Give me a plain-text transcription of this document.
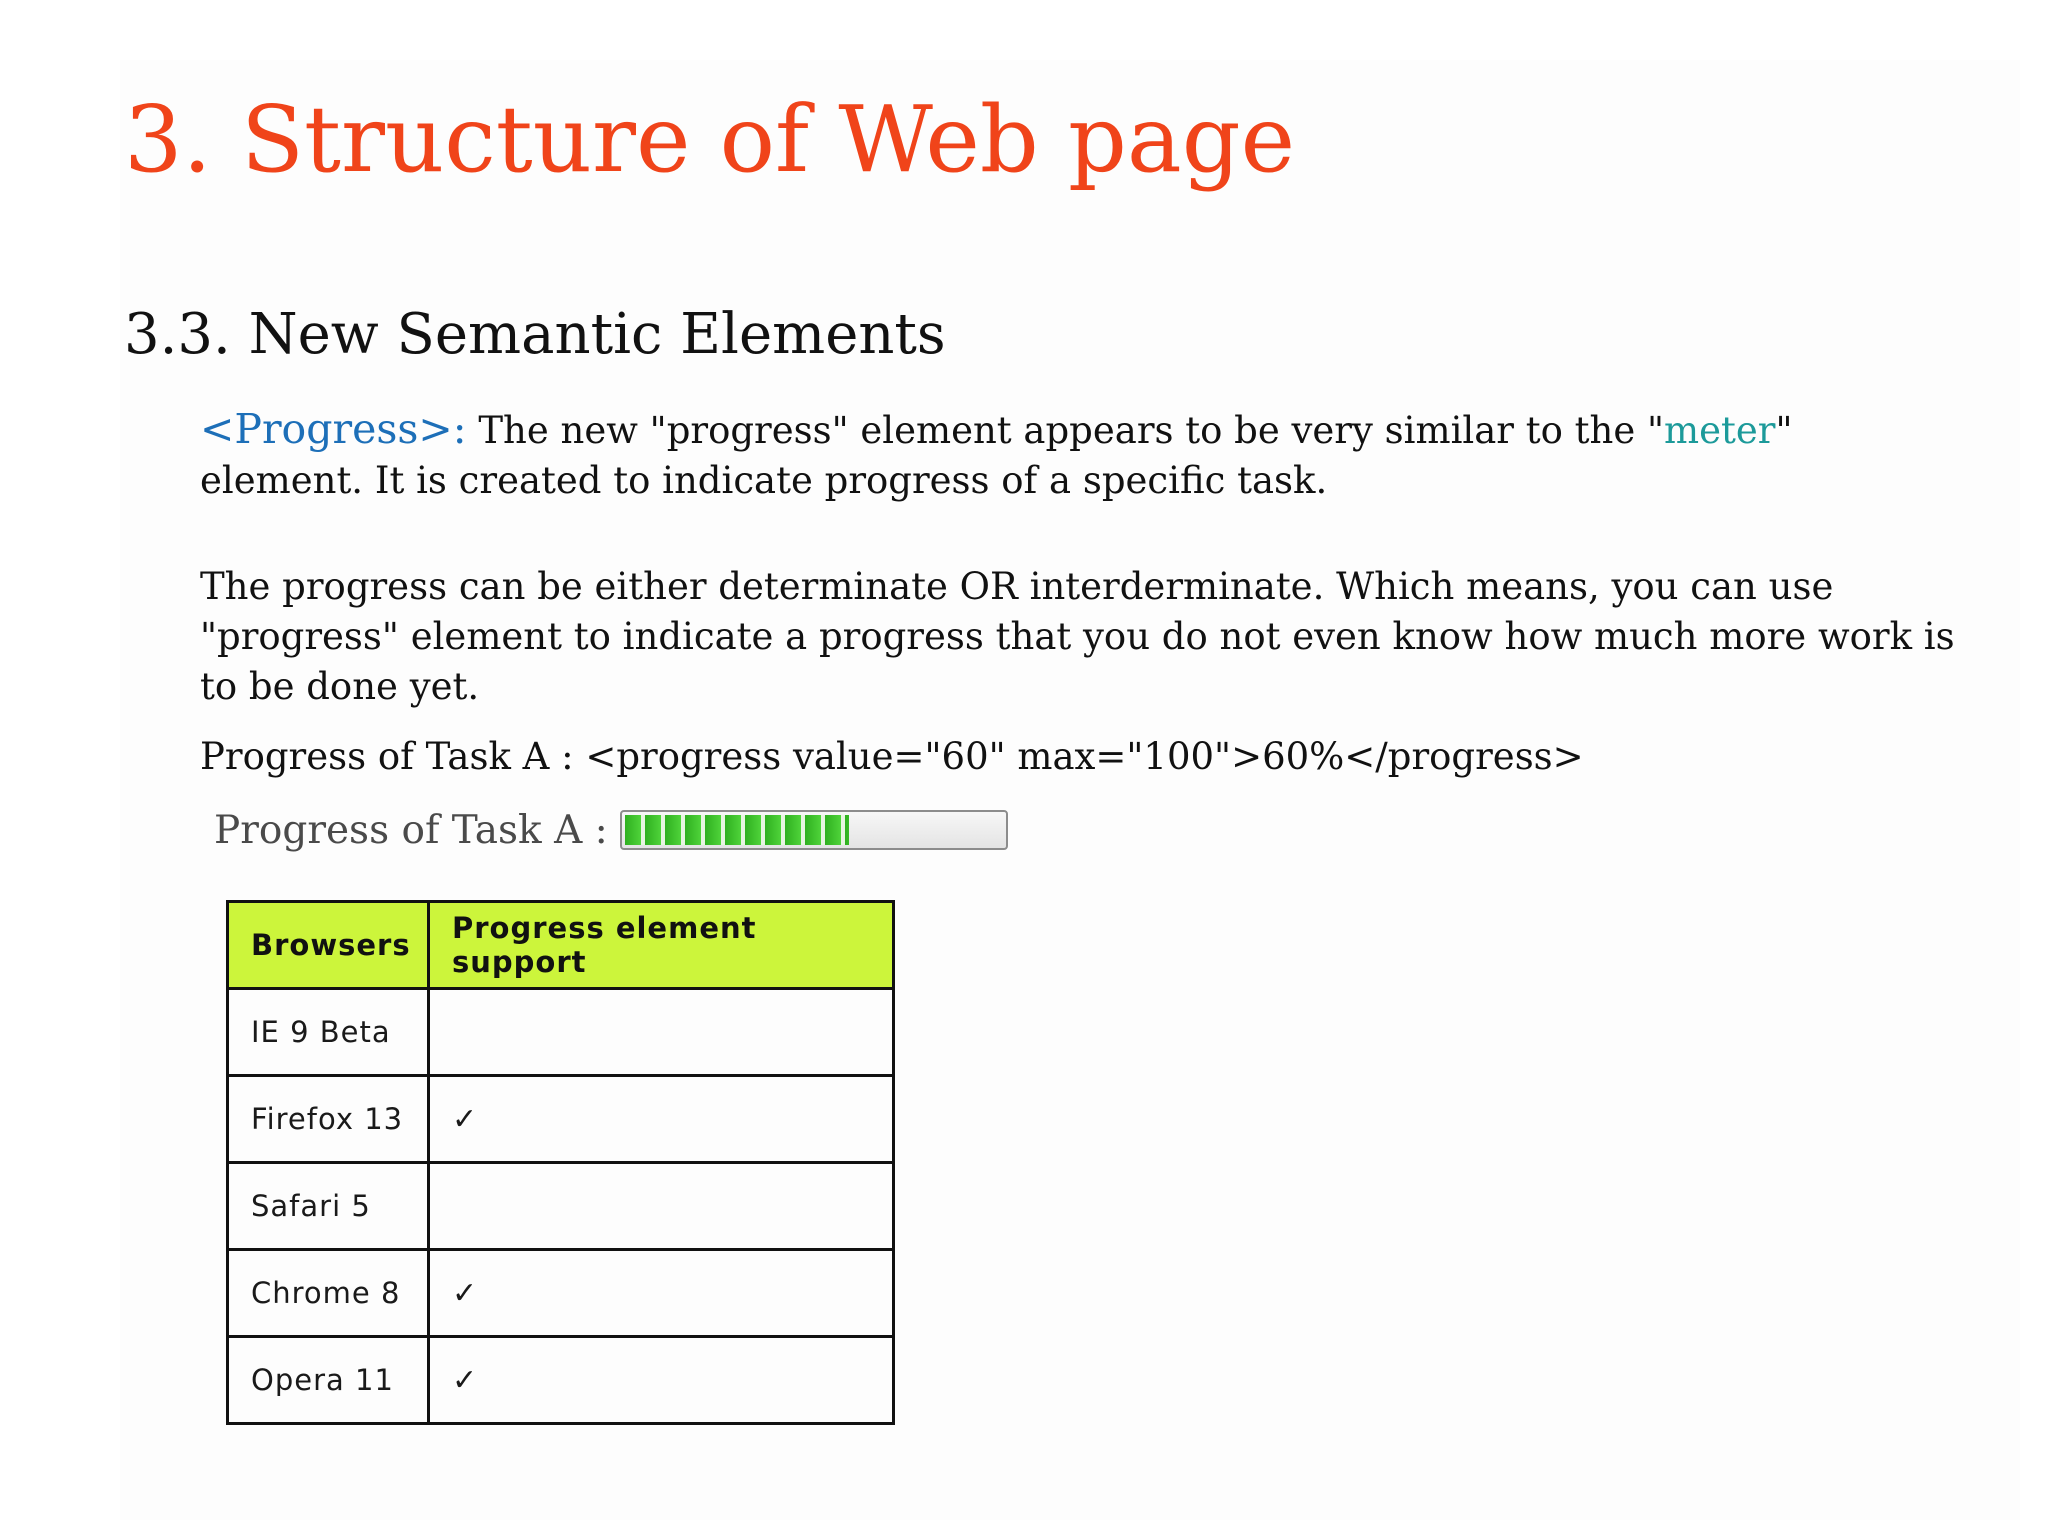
3. Structure of Web page
3.3. New Semantic Elements
<Progress>: The new "progress" element appears to be very similar to the "meter" element. It is created to indicate progress of a specific task.
The progress can be either determinate OR interderminate. Which means, you can use "progress" element to indicate a progress that you do not even know how much more work is to be done yet.
Progress of Task A : <progress value="60" max="100">60%</progress>
Progress of Task A :
Browsers	Progress element support
IE 9 Beta	
Firefox 13	✓
Safari 5	
Chrome 8	✓
Opera 11	✓
